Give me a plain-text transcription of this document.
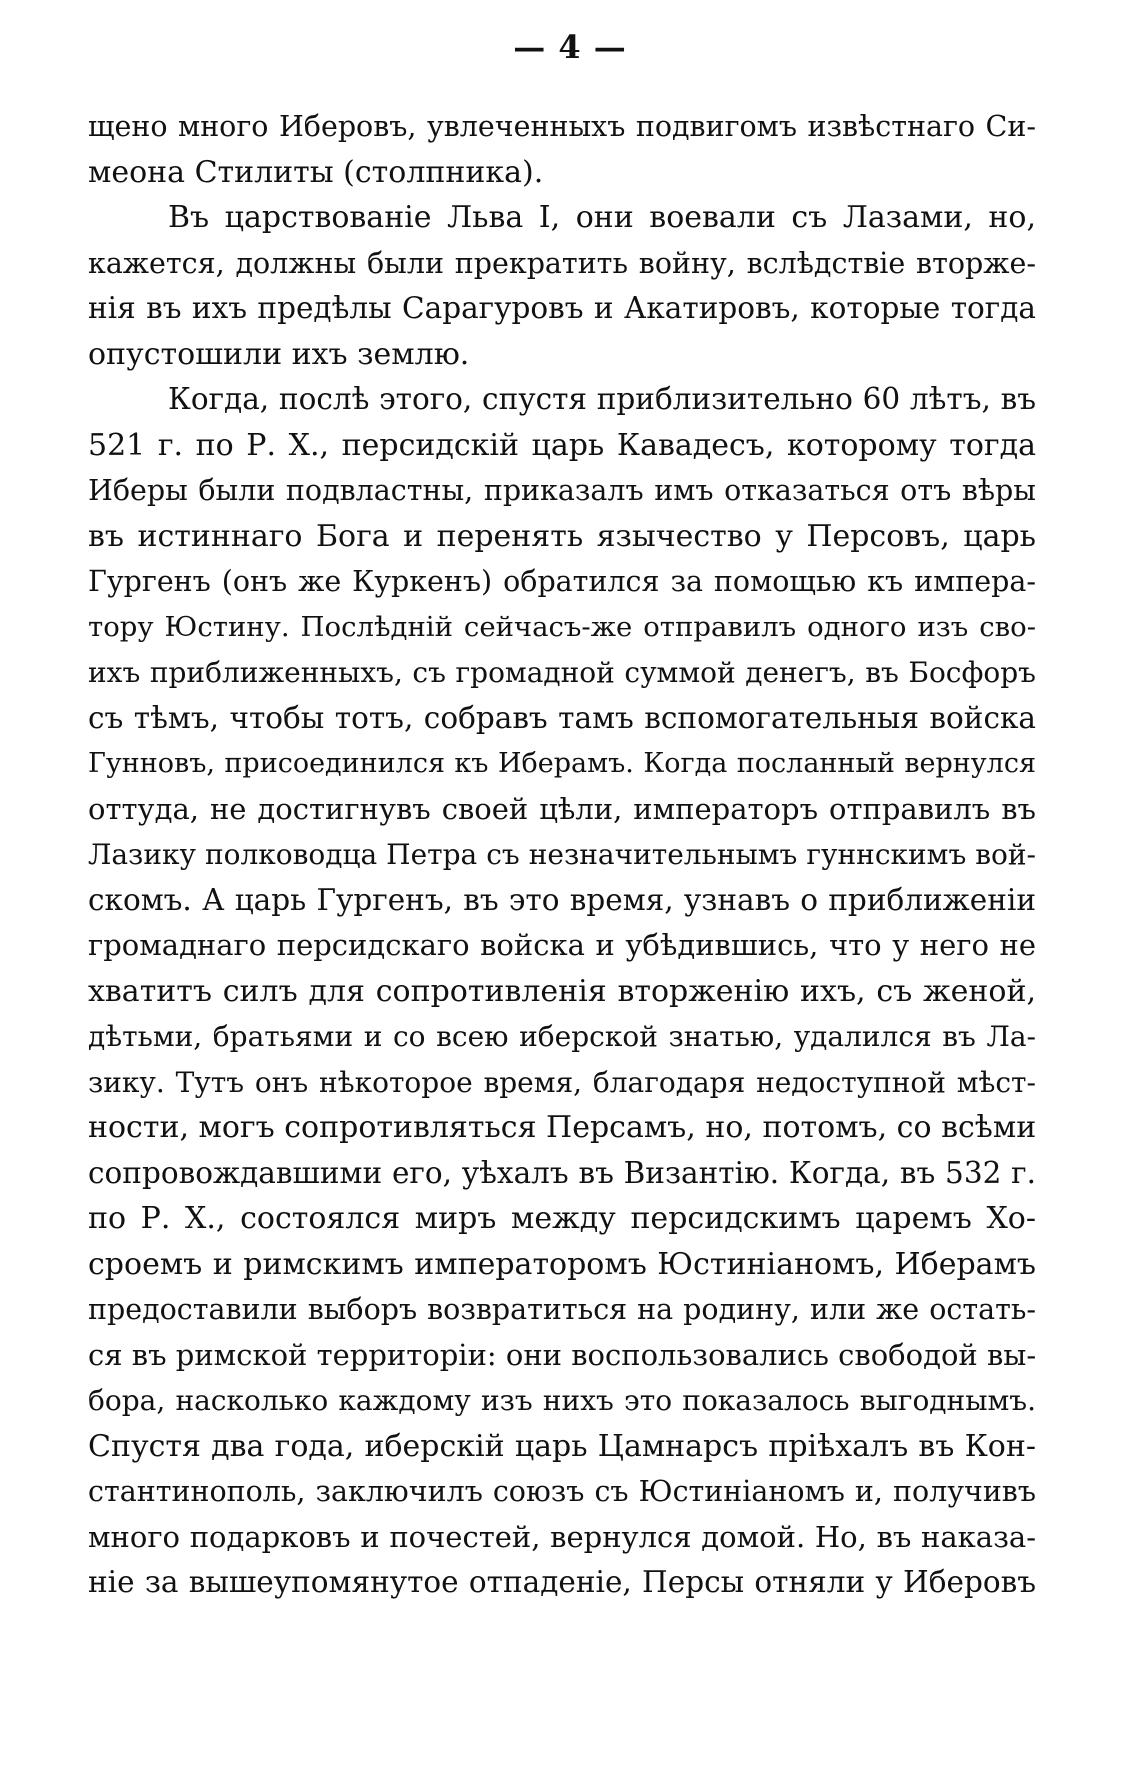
— 4 —
щено много Иберовъ, увлеченныхъ подвигомъ извѣстнаго Си-
меона Стилиты (столпника).
Въ царствованіе Льва I, они воевали съ Лазами, но,
кажется, должны были прекратить войну, вслѣдствіе вторже-
нія въ ихъ предѣлы Сарагуровъ и Акатировъ, которые тогда
опустошили ихъ землю.
Когда, послѣ этого, спустя приблизительно 60 лѣтъ, въ
521 г. по Р. Х., персидскій царь Кавадесъ, которому тогда
Иберы были подвластны, приказалъ имъ отказаться отъ вѣры
въ истиннаго Бога и перенять язычество у Персовъ, царь
Гургенъ (онъ же Куркенъ) обратился за помощью къ импера-
тору Юстину. Послѣдній сейчасъ-же отправилъ одного изъ сво-
ихъ приближенныхъ, съ громадной суммой денегъ, въ Босфоръ
съ тѣмъ, чтобы тотъ, собравъ тамъ вспомогательныя войска
Гунновъ, присоединился къ Иберамъ. Когда посланный вернулся
оттуда, не достигнувъ своей цѣли, императоръ отправилъ въ
Лазику полководца Петра съ незначительнымъ гуннскимъ вой-
скомъ. А царь Гургенъ, въ это время, узнавъ о приближеніи
громаднаго персидскаго войска и убѣдившись, что у него не
хватитъ силъ для сопротивленія вторженію ихъ, съ женой,
дѣтьми, братьями и со всею иберской знатью, удалился въ Ла-
зику. Тутъ онъ нѣкоторое время, благодаря недоступной мѣст-
ности, могъ сопротивляться Персамъ, но, потомъ, со всѣми
сопровождавшими его, уѣхалъ въ Византію. Когда, въ 532 г.
по Р. Х., состоялся миръ между персидскимъ царемъ Хо-
сроемъ и римскимъ императоромъ Юстиніаномъ, Иберамъ
предоставили выборъ возвратиться на родину, или же остать-
ся въ римской территоріи: они воспользовались свободой вы-
бора, насколько каждому изъ нихъ это показалось выгоднымъ.
Спустя два года, иберскій царь Цамнарсъ пріѣхалъ въ Кон-
стантинополь, заключилъ союзъ съ Юстиніаномъ и, получивъ
много подарковъ и почестей, вернулся домой. Но, въ наказа-
ніе за вышеупомянутое отпаденіе, Персы отняли у Иберовъ
